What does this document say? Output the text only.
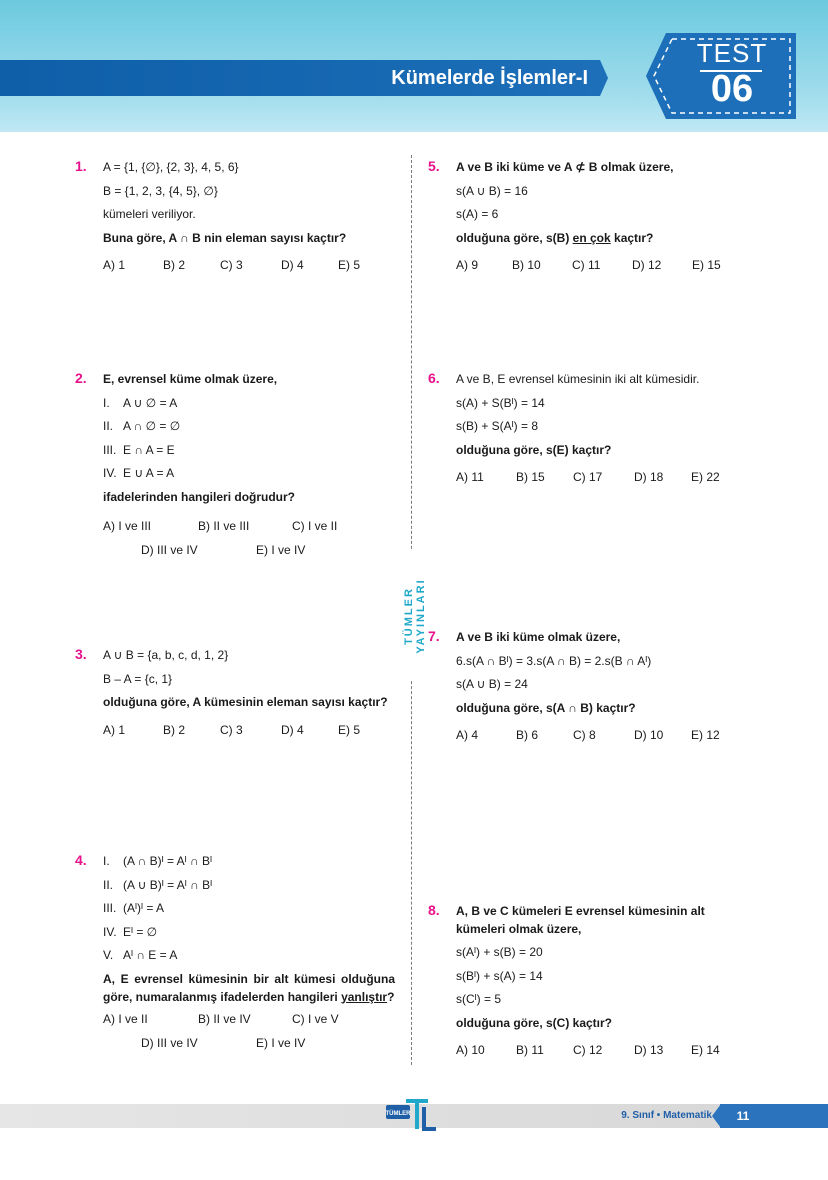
Kümelerde İşlemler-I
TEST
06
TÜMLER YAYINLARI
1. A = {1, {∅}, {2, 3}, 4, 5, 6}
B = {1, 2, 3, {4, 5}, ∅}
kümeleri veriliyor.
Buna göre, A ∩ B nin eleman sayısı kaçtır?
A) 1	B) 2	C) 3	D) 4	E) 5
2. E, evrensel küme olmak üzere,
I. A ∪ ∅ = A
II. A ∩ ∅ = ∅
III. E ∩ A = E
IV. E ∪ A = A
ifadelerinden hangileri doğrudur?
A) I ve III	B) II ve III	C) I ve II
D) III ve IV	E) I ve IV
3. A ∪ B = {a, b, c, d, 1, 2}
B – A = {c, 1}
olduğuna göre, A kümesinin eleman sayısı kaçtır?
A) 1	B) 2	C) 3	D) 4	E) 5
4. I. (A ∩ B)ᴵ = Aᴵ ∩ Bᴵ
II. (A ∪ B)ᴵ = Aᴵ ∩ Bᴵ
III. (Aᴵ)ᴵ = A
IV. Eᴵ = ∅
V. Aᴵ ∩ E = A
A, E evrensel kümesinin bir alt kümesi olduğuna göre, numaralanmış ifadelerden hangileri yanlıştır?
A) I ve II	B) II ve IV	C) I ve V
D) III ve IV	E) I ve IV
5. A ve B iki küme ve A ⊄ B olmak üzere,
s(A ∪ B) = 16
s(A) = 6
olduğuna göre, s(B) en çok kaçtır?
A) 9	B) 10	C) 11	D) 12	E) 15
6. A ve B, E evrensel kümesinin iki alt kümesidir.
s(A) + S(Bᴵ) = 14
s(B) + S(Aᴵ) = 8
olduğuna göre, s(E) kaçtır?
A) 11	B) 15 C) 17	D) 18 E) 22
7. A ve B iki küme olmak üzere,
6.s(A ∩ Bᴵ) = 3.s(A ∩ B) = 2.s(B ∩ Aᴵ)
s(A ∪ B) = 24
olduğuna göre, s(A ∩ B) kaçtır?
A) 4	B) 6	C) 8	D) 10 E) 12
8. A, B ve C kümeleri E evrensel kümesinin alt kümeleri olmak üzere,
s(Aᴵ) + s(B) = 20
s(Bᴵ) + s(A) = 14
s(Cᴵ) = 5
olduğuna göre, s(C) kaçtır?
A) 10	B) 11 C) 12	D) 13 E) 14
9. Sınıf • Matematik	11
TÜMLER
